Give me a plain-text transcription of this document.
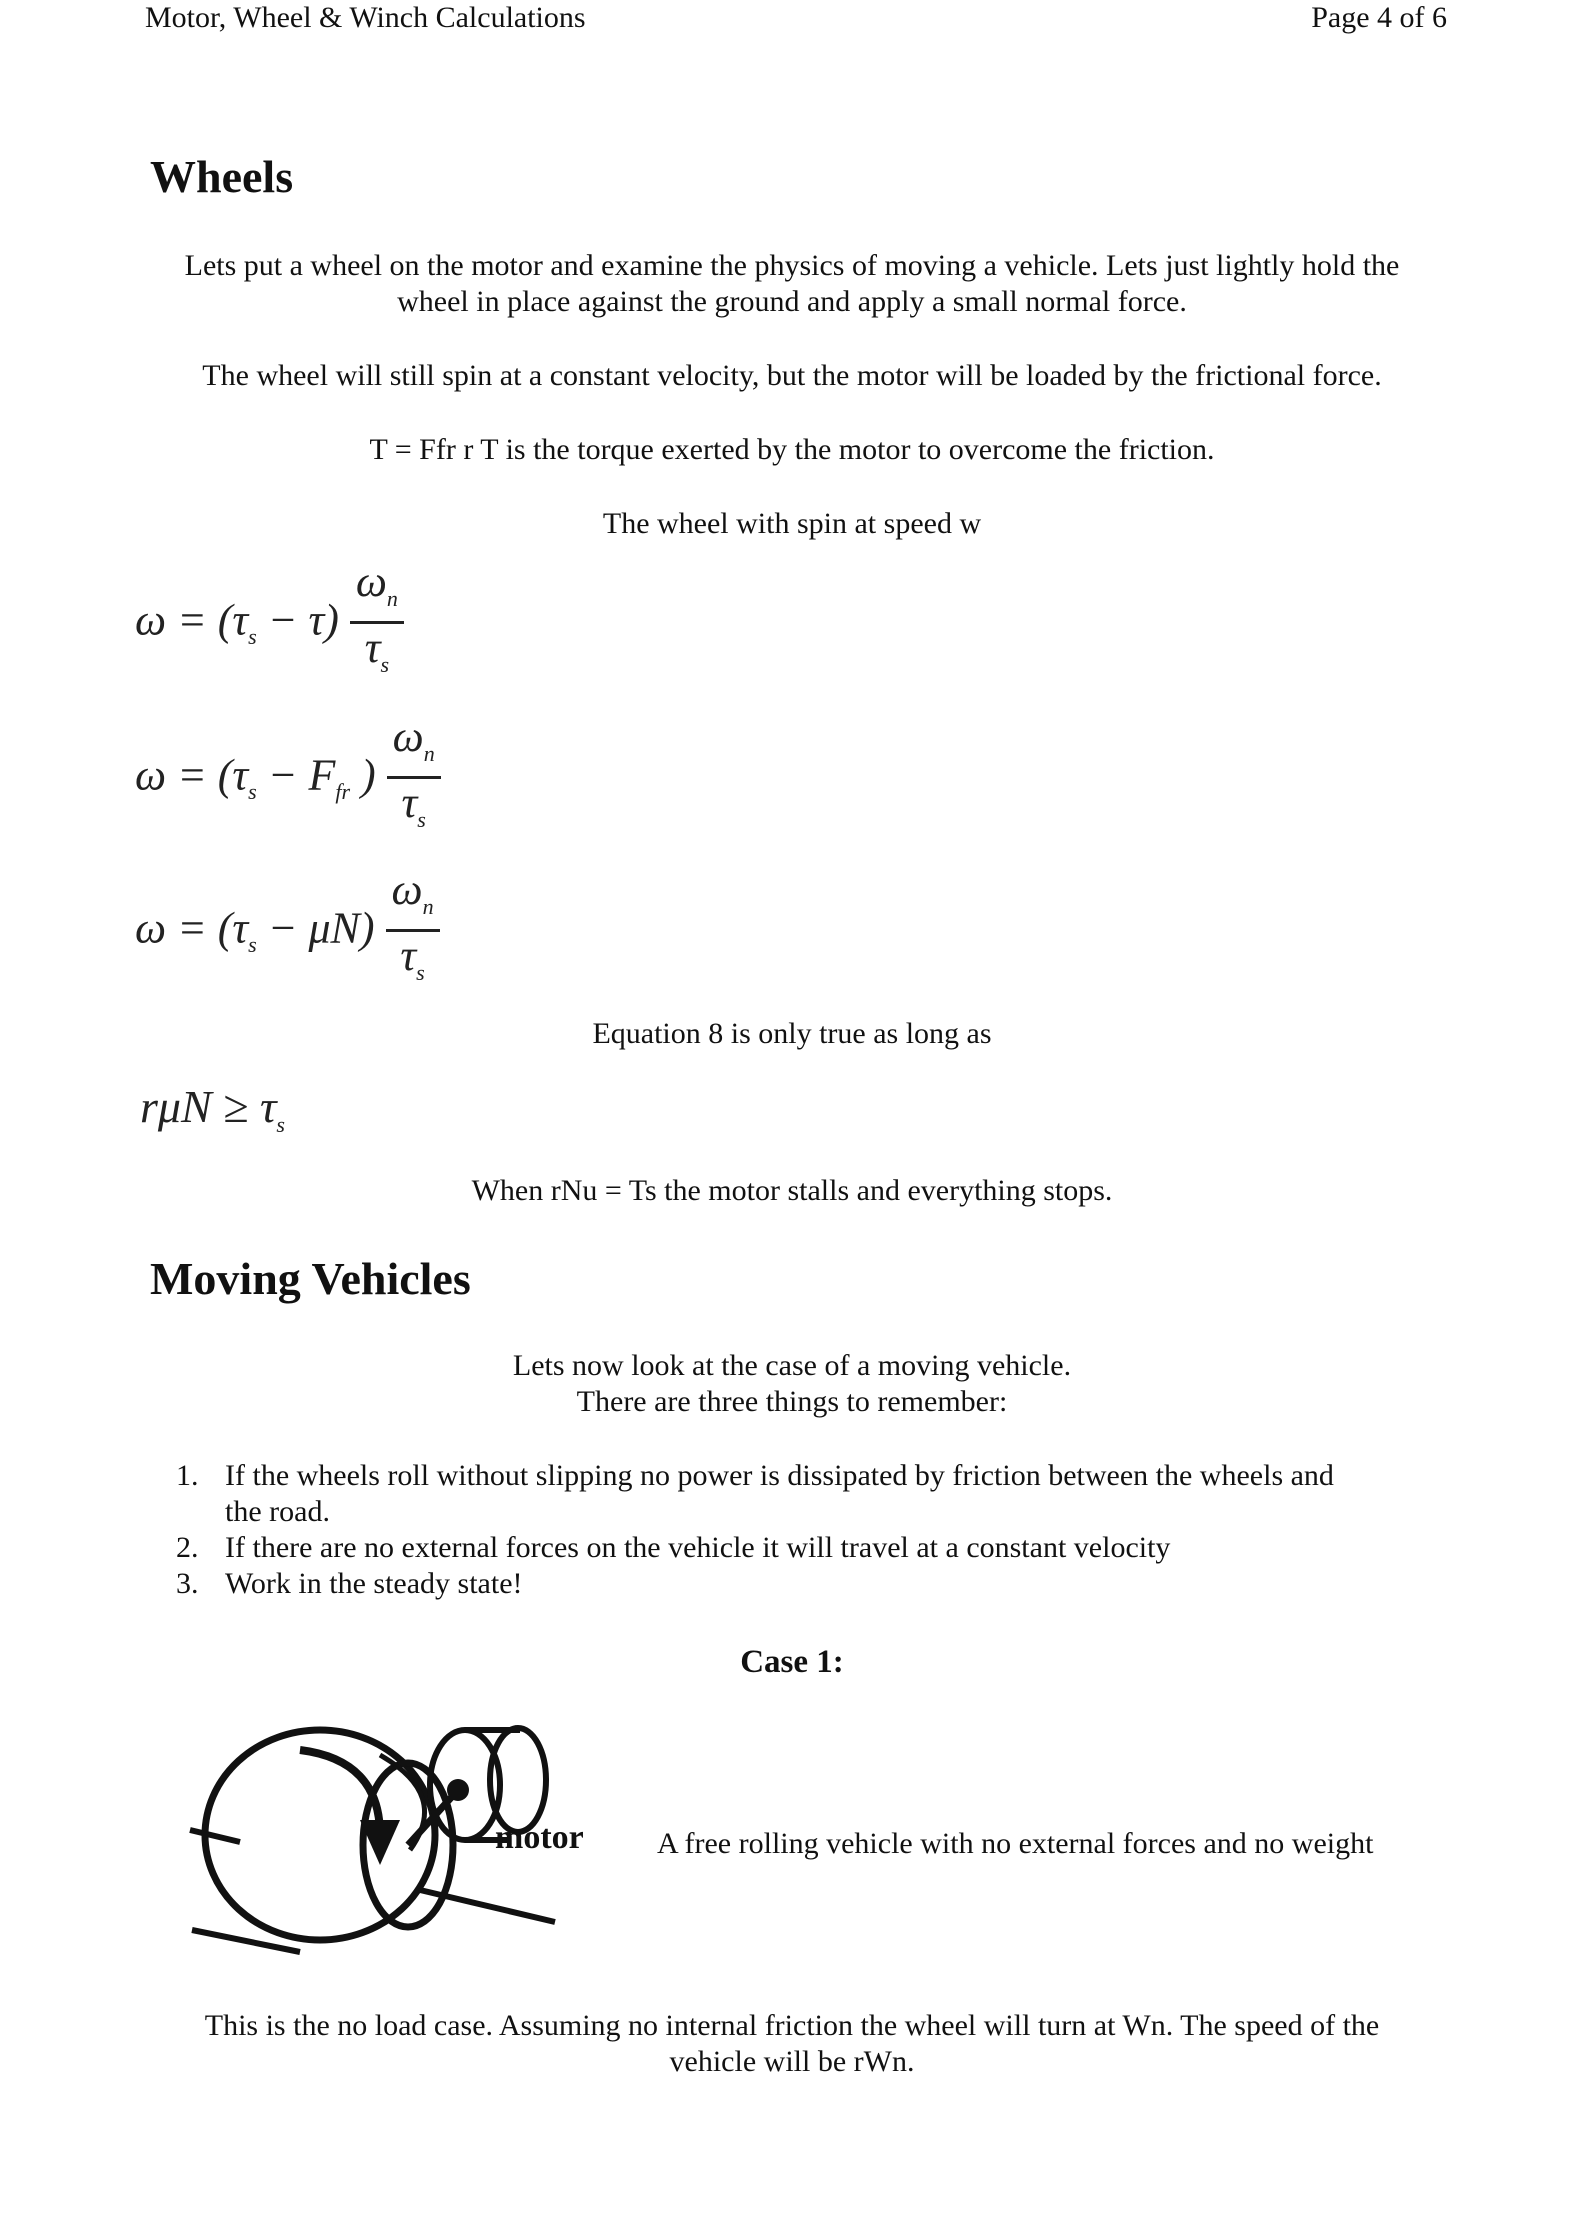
Motor, Wheel & Winch Calculations	Page 4 of 6
Wheels
Lets put a wheel on the motor and examine the physics of moving a vehicle. Lets just lightly hold the
wheel in place against the ground and apply a small normal force.
The wheel will still spin at a constant velocity, but the motor will be loaded by the frictional force.
T = Ffr r T is the torque exerted by the motor to overcome the friction.
The wheel with spin at speed w
$\omega = (\tau_s - \tau) \frac{\omega_n}{\tau_s}$
$\omega = (\tau_s - F_{fr}$ ) $\frac{\omega_n}{\tau_s}$
$\omega = (\tau_s - \mu N) \frac{\omega_n}{\tau_s}$
Equation 8 is only true as long as
$r\mu N \ge \tau_s$
When rNu = Ts the motor stalls and everything stops.
Moving Vehicles
Lets now look at the case of a moving vehicle.
There are three things to remember:
1. If the wheels roll without slipping no power is dissipated by friction between the wheels and
the road.
2. If there are no external forces on the vehicle it will travel at a constant velocity
3. Work in the steady state!
Case 1:
motor A free rolling vehicle with no external forces and no weight
This is the no load case. Assuming no internal friction the wheel will turn at Wn. The speed of the
vehicle will be rWn.
